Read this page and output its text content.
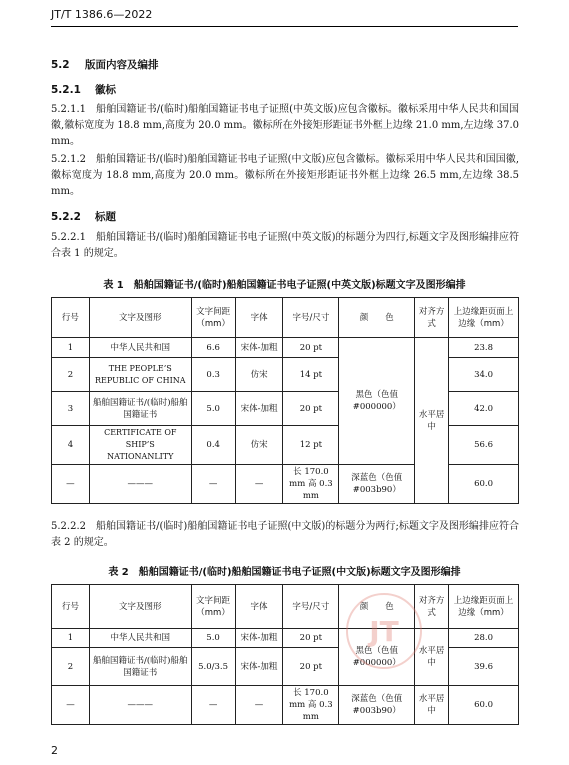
JT/T 1386.6—2022
5.2 版面内容及编排
5.2.1 徽标
5.2.1.1　船舶国籍证书/(临时)船舶国籍证书电子证照(中英文版)应包含徽标。徽标采用中华人民共和国国徽,徽标宽度为 18.8 mm,高度为 20.0 mm。徽标所在外接矩形距证书外框上边缘 21.0 mm,左边缘 37.0 mm。
5.2.1.2　船舶国籍证书/(临时)船舶国籍证书电子证照(中文版)应包含徽标。徽标采用中华人民共和国国徽,徽标宽度为 18.8 mm,高度为 20.0 mm。徽标所在外接矩形距证书外框上边缘 26.5 mm,左边缘 38.5 mm。
5.2.2 标题
5.2.2.1　船舶国籍证书/(临时)船舶国籍证书电子证照(中英文版)的标题分为四行,标题文字及图形编排应符合表 1 的规定。
表 1　船舶国籍证书/(临时)船舶国籍证书电子证照(中英文版)标题文字及图形编排
行号	文字及图形	文字间距（mm）	字体	字号/尺寸	颜　　色	对齐方式	上边缘距页面上边缘（mm）
1	中华人民共和国	6.6	宋体-加粗	20 pt	黑色（色值#000000）	水平居中	23.8
2	THE PEOPLE’S REPUBLIC OF CHINA	0.3	仿宋	14 pt			34.0
3	船舶国籍证书/(临时)船舶国籍证书	5.0	宋体-加粗	20 pt			42.0
4	CERTIFICATE OF SHIP’S NATIONANLITY	0.4	仿宋	12 pt			56.6
—	———	—	—	长 170.0 mm 高 0.3 mm	深蓝色（色值#003b90）		60.0
5.2.2.2　船舶国籍证书/(临时)船舶国籍证书电子证照(中文版)的标题分为两行;标题文字及图形编排应符合表 2 的规定。
表 2　船舶国籍证书/(临时)船舶国籍证书电子证照(中文版)标题文字及图形编排
行号	文字及图形	文字间距（mm）	字体	字号/尺寸	颜　　色	对齐方式	上边缘距页面上边缘（mm）
1	中华人民共和国	5.0	宋体-加粗	20 pt	黑色（色值#000000）	水平居中	28.0
2	船舶国籍证书/(临时)船舶国籍证书	5.0/3.5	宋体-加粗	20 pt			39.6
—	———	—	—	长 170.0 mm 高 0.3 mm	深蓝色（色值#003b90）	水平居中	60.0
JT
2
